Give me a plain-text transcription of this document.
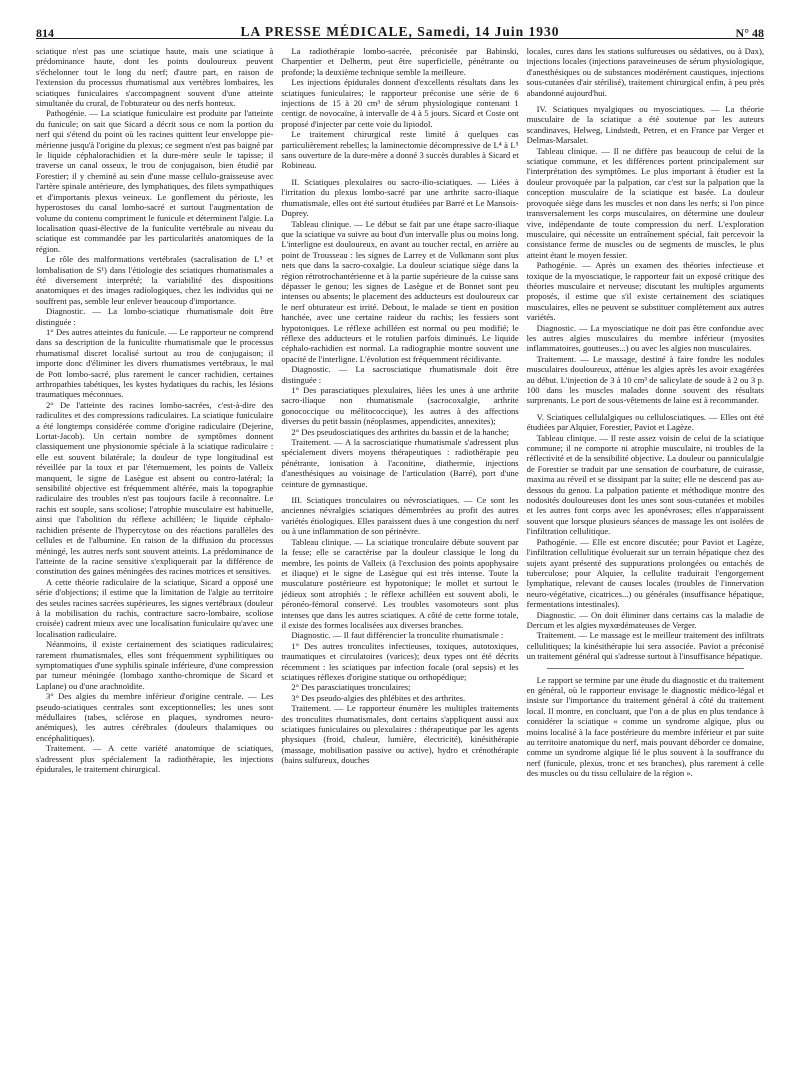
814	LA PRESSE MÉDICALE, Samedi, 14 Juin 1930	N° 48

sciatique n'est pas une sciatique haute, mais une sciatique à prédominance haute, dont les points douloureux peuvent s'échelonner tout le long du nerf; d'autre part, en raison de l'extension du processus rhumatismal aux vertèbres lombaires, les sciatiques funiculaires s'accompagnent souvent d'une atteinte simultanée du crural, de l'obturateur ou des nerfs honteux.

Pathogénie. — La sciatique funiculaire est produite par l'atteinte du funicule; on sait que Sicard a décrit sous ce nom la portion du nerf qui s'étend du point où les racines quittent leur enveloppe pie-mérienne jusqu'à l'origine du plexus; ce segment n'est pas baigné par le liquide céphalorachidien et la dure-mère seule le tapisse; il traverse un canal osseux, le trou de conjugaison, bien étudié par Forestier; il y cheminé au sein d'une masse cellulo-graisseuse avec l'artère spinale antérieure, des lymphatiques, des filets sympathiques et d'importants plexus veineux. Le gonflement du périoste, les hyperostoses du canal lombo-sacré et surtout l'augmentation de volume du contenu compriment le funicule et déterminent l'algie. La localisation quasi-élective de la funiculite vertébrale au niveau du sciatique est commandée par les particularités anatomiques de la région.

Le rôle des malformations vertébrales (sacralisation de L⁵ et lombalisation de S¹) dans l'étiologie des sciatiques rhumatismales a été diversement interprété; la variabilité des dispositions anatomiques et des images radiologiques, chez les individus qui ne souffrent pas, semble leur enlever beaucoup d'importance.

Diagnostic. — La lombo-sciatique rhumatismale doit être distinguée :

1° Des autres atteintes du funicule. — Le rapporteur ne comprend dans sa description de la funiculite rhumatismale que le processus rhumatismal discret localisé surtout au trou de conjugaison; il importe donc d'éliminer les divers rhumatismes vertébraux, le mal de Pott lombo-sacré, plus rarement le cancer rachidien, certaines arthropathies tabétiques, les kystes hydatiques du rachis, les lésions traumatiques méconnues.

2° De l'atteinte des racines lombo-sacrées, c'est-à-dire des radiculites et des compressions radiculaires. La sciatique funiculaire a été longtemps considérée comme d'origine radiculaire (Dejerine, Lortat-Jacob). Un certain nombre de symptômes donnent classiquement une physionomie spéciale à la sciatique radiculaire : elle est souvent bilatérale; la douleur de type longitudinal est réveillée par la toux et par l'éternuement, les points de Valleix manquent, le signe de Lasègue est absent ou contro-latéral; la sensibilité objective est fréquemment altérée, mais la topographie radiculaire des troubles n'est pas toujours facile à reconnaître. Le rachis est souple, sans scoliose; l'atrophie musculaire est habituelle, ainsi que l'abolition du réflexe achilléen; le liquide céphalo-rachidien présente de l'hypercytose ou des réactions parallèles des cellules et de l'albumine. En raison de la diffusion du processus méningé, les autres nerfs sont souvent atteints. La prédominance de l'atteinte de la racine sensitive s'expliquerait par la différence de constitution des gaines méningées des racines motrices et sensitives.

A cette théorie radiculaire de la sciatique, Sicard a opposé une série d'objections; il estime que la limitation de l'algie au territoire des seules racines sacrées supérieures, les signes vertébraux (douleur à la mobilisation du rachis, contracture sacro-lombaire, scoliose croisée) cadrent mieux avec une localisation funiculaire qu'avec une localisation radiculaire.

Néanmoins, il existe certainement des sciatiques radiculaires; rarement rhumatismales, elles sont fréquemment syphilitiques ou symptomatiques d'une syphilis spinale inférieure, d'une compression par tumeur méningée (lombago xantho-chromique de Sicard et Laplane) ou d'une arachnoïdite.

3° Des algies du membre inférieur d'origine centrale. — Les pseudo-sciatiques centrales sont exceptionnelles; les unes sont médullaires (tabes, sclérose en plaques, syndromes neuro-anémiques), les autres cérébrales (douleurs thalamiques ou encéphalitiques).

Traitement. — A cette variété anatomique de sciatiques, s'adressent plus spécialement la radiothérapie, les injections épidurales, le traitement chirurgical.

La radiothérapie lombo-sacrée, préconisée par Babinski, Charpentier et Delherm, peut être superficielle, pénétrante ou profonde; la deuxième technique semble la meilleure.

Les injections épidurales donnent d'excellents résultats dans les sciatiques funiculaires; le rapporteur préconise une série de 6 injections de 15 à 20 cm³ de sérum physiologique contenant 1 centigr. de novocaïne, à intervalle de 4 à 5 jours. Sicard et Coste ont proposé d'injecter par cette voie du lipiodol.

Le traitement chirurgical reste limité à quelques cas particulièrement rebelles; la laminectomie décompressive de L⁴ à L⁵ sans ouverture de la dure-mère a donné 3 succès durables à Sicard et Robineau.

II. Sciatiques plexulaires ou sacro-ilio-sciatiques. — Liées à l'irritation du plexus lombo-sacré par une arthrite sacro-iliaque rhumatismale, elles ont été surtout étudiées par Barré et Le Mansois-Duprey.

Tableau clinique. — Le début se fait par une étape sacro-iliaque que la sciatique va suivre au bout d'un intervalle plus ou moins long. L'interligne est douloureux, en avant au toucher rectal, en arrière au point de Trousseau : les signes de Larrey et de Volkmann sont plus nets que dans la sacro-coxalgie. La douleur sciatique siège dans la région rétrotrochantérienne et à la partie supérieure de la cuisse sans dépasser le genou; les signes de Lasègue et de Bonnet sont peu intenses ou absents; le placement des adducteurs est douloureux car le nerf obturateur est irrité. Debout, le malade se tient en position hanchée, avec une certaine raideur du rachis; les fessiers sont hypotoniques. Le réflexe achilléen est normal ou peu modifié; le réflexe des adducteurs et le rotulien parfois diminués. Le liquide céphalo-rachidien est normal. La radiographie montre souvent une opacité de l'interligne. L'évolution est fréquemment récidivante.

Diagnostic. — La sacrosciatique rhumatismale doit être distinguée :

1° Des parasciatiques plexulaires, liées les unes à une arthrite sacro-iliaque non rhumatismale (sacrocoxalgie, arthrite gonococcique ou mélitococcique), les autres à des affections diverses du petit bassin (néoplasmes, appendicites, annexites);

2° Des pseudosciatiques des arthrites du bassin et de la hanche;

Traitement. — A la sacrosciatique rhumatismale s'adressent plus spécialement divers moyens thérapeutiques : radiothérapie peu pénétrante, ionisation à l'aconitine, diathermie, injections d'anesthésiques au voisinage de l'articulation (Barré), port d'une ceinture de gymnastique.

III. Sciatiques tronculaires ou névrosciatiques. — Ce sont les anciennes névralgies sciatiques démembrées au profit des autres variétés étiologiques. Elles paraissent dues à une congestion du nerf ou à une inflammation de son périnèvre.

Tableau clinique. — La sciatique tronculaire débute souvent par la fesse; elle se caractérise par la douleur classique le long du membre, les points de Valleix (à l'exclusion des points apophysaire et iliaque) et le signe de Lasègue qui est très intense. Toute la musculature postérieure est hypotonique; le mollet et surtout le jédieux sont atrophiés ; le réflexe achilléen est souvent aboli, le péronéo-fémoral conservé. Les troubles vasomoteurs sont plus intenses que dans les autres sciatiques. A côté de cette forme totale, il existe des formes localisées aux diverses branches.

Diagnostic. — Il faut différencier la tronculite rhumatismale :

1° Des autres tronculites infectieuses, toxiques, autotoxiques, traumatiques et circulatoires (varices); deux types ont été décrits récemment : les sciatiques par infection focale (oral sepsis) et les sciatiques réflexes d'origine statique ou orthopédique;

2° Des parasciatiques tronculaires;

3° Des pseudo-algies des phlébites et des arthrites.

Traitement. — Le rapporteur énumère les multiples traitements des tronculites rhumatismales, dont certains s'appliquent aussi aux sciatiques funiculaires ou plexulaires : thérapeutique par les agents physiques (froid, chaleur, lumière, électricité), kinésithérapie (massage, mobilisation passive ou active), hydro et crénothérapie (bains sulfureux, douches

locales, cures dans les stations sulfureuses ou sédatives, ou à Dax), injections locales (injections paraveineuses de sérum physiologique, d'anesthésiques ou de substances modérément caustiques, injections sous-cutanées d'air stérilisé), traitement chirurgical enfin, à peu près abandonné aujourd'hui.

IV. Sciatiques myalgiques ou myosciatiques. — La théorie musculaire de la sciatique a été soutenue par les auteurs scandinaves, Helweg, Lindstedt, Petren, et en France par Verger et Delmas-Marsalet.

Tableau clinique. — Il ne diffère pas beaucoup de celui de la sciatique commune, et les différences portent principalement sur l'interprétation des symptômes. Le plus important à étudier est la douleur provoquée par la palpation, car c'est sur la palpation que la conception musculaire de la sciatique est basée. La douleur provoquée siège dans les muscles et non dans les nerfs; si l'on pince transversalement les corps musculaires, on détermine une douleur vive, indépendante de toute compression du nerf. L'exploration musculaire, qui nécessite un entraînement spécial, fait percevoir la consistance ferme de muscles ou de segments de muscles, le plus atteint étant le moyen fessier.

Pathogénie. — Après un examen des théories infectieuse et toxique de la myosciatique, le rapporteur fait un exposé critique des théories musculaire et nerveuse; discutant les multiples arguments proposés, il estime que s'il existe certainement des sciatiques musculaires, elles ne peuvent se substituer complètement aux autres variétés.

Diagnostic. — La myosciatique ne doit pas être confondue avec les autres algies musculaires du membre inférieur (myosites inflammatoires, goutteuses...) ou avec les algies non musculaires.

Traitement. — Le massage, destiné à faire fondre les nodules musculaires douloureux, atténue les algies après les avoir exagérées au début. L'injection de 3 à 10 cm³ de salicylate de soude à 2 ou 3 p. 100 dans les muscles malades donne souvent des résultats surprenants. Le port de sous-vêtements de laine est à recommander.

V. Sciatiques cellulalgiques ou cellulosciatiques. — Elles ont été étudiées par Alquier, Forestier, Paviot et Lagèze.

Tableau clinique. — Il reste assez voisin de celui de la sciatique commune; il ne comporte ni atrophie musculaire, ni troubles de la réflectivité et de la sensibilité objective. La douleur ou panniculalgie de Forestier se traduit par une sensation de courbature, de cuirasse, maxima au réveil et se dissipant par la suite; elle ne descend pas au-dessous du genou. La palpation patiente et méthodique montre des nodosités douloureuses dont les unes sont sous-cutanées et mobiles et les autres font corps avec les aponévroses; elles n'apparaissent souvent que lorsque plusieurs séances de massage les ont isolées de l'infiltration cellulitique.

Pathogénie. — Elle est encore discutée; pour Paviot et Lagèze, l'infiltration cellulitique évoluerait sur un terrain hépatique chez des sujets ayant présenté des suppurations prolongées ou entachés de tuberculose; pour Alquier, la cellulite traduirait l'engorgement lymphatique, relevant de causes locales (troubles de l'innervation neuro-végétative, cicatrices...) ou générales (insuffisance hépatique, fermentations intestinales).

Diagnostic. — On doit éliminer dans certains cas la maladie de Dercum et les algies myxœdémateuses de Verger.

Traitement. — Le massage est le meilleur traitement des infiltrats cellulitiques; la kinésithérapie lui sera associée. Paviot a préconisé un traitement général qui s'adresse surtout à l'insuffisance hépatique.

Le rapport se termine par une étude du diagnostic et du traitement en général, où le rapporteur envisage le diagnostic médico-légal et insiste sur l'importance du traitement général à côté du traitement local. Il montre, en concluant, que l'on a de plus en plus tendance à considérer la sciatique « comme un syndrome algique, plus ou moins localisé à la face postérieure du membre inférieur et par suite au territoire anatomique du nerf, mais pouvant déborder ce domaine, comme un syndrome algique lié le plus souvent à la souffrance du nerf (funicule, plexus, tronc et ses branches), plus rarement à celle des muscles ou du tissu cellulaire de la région ».
